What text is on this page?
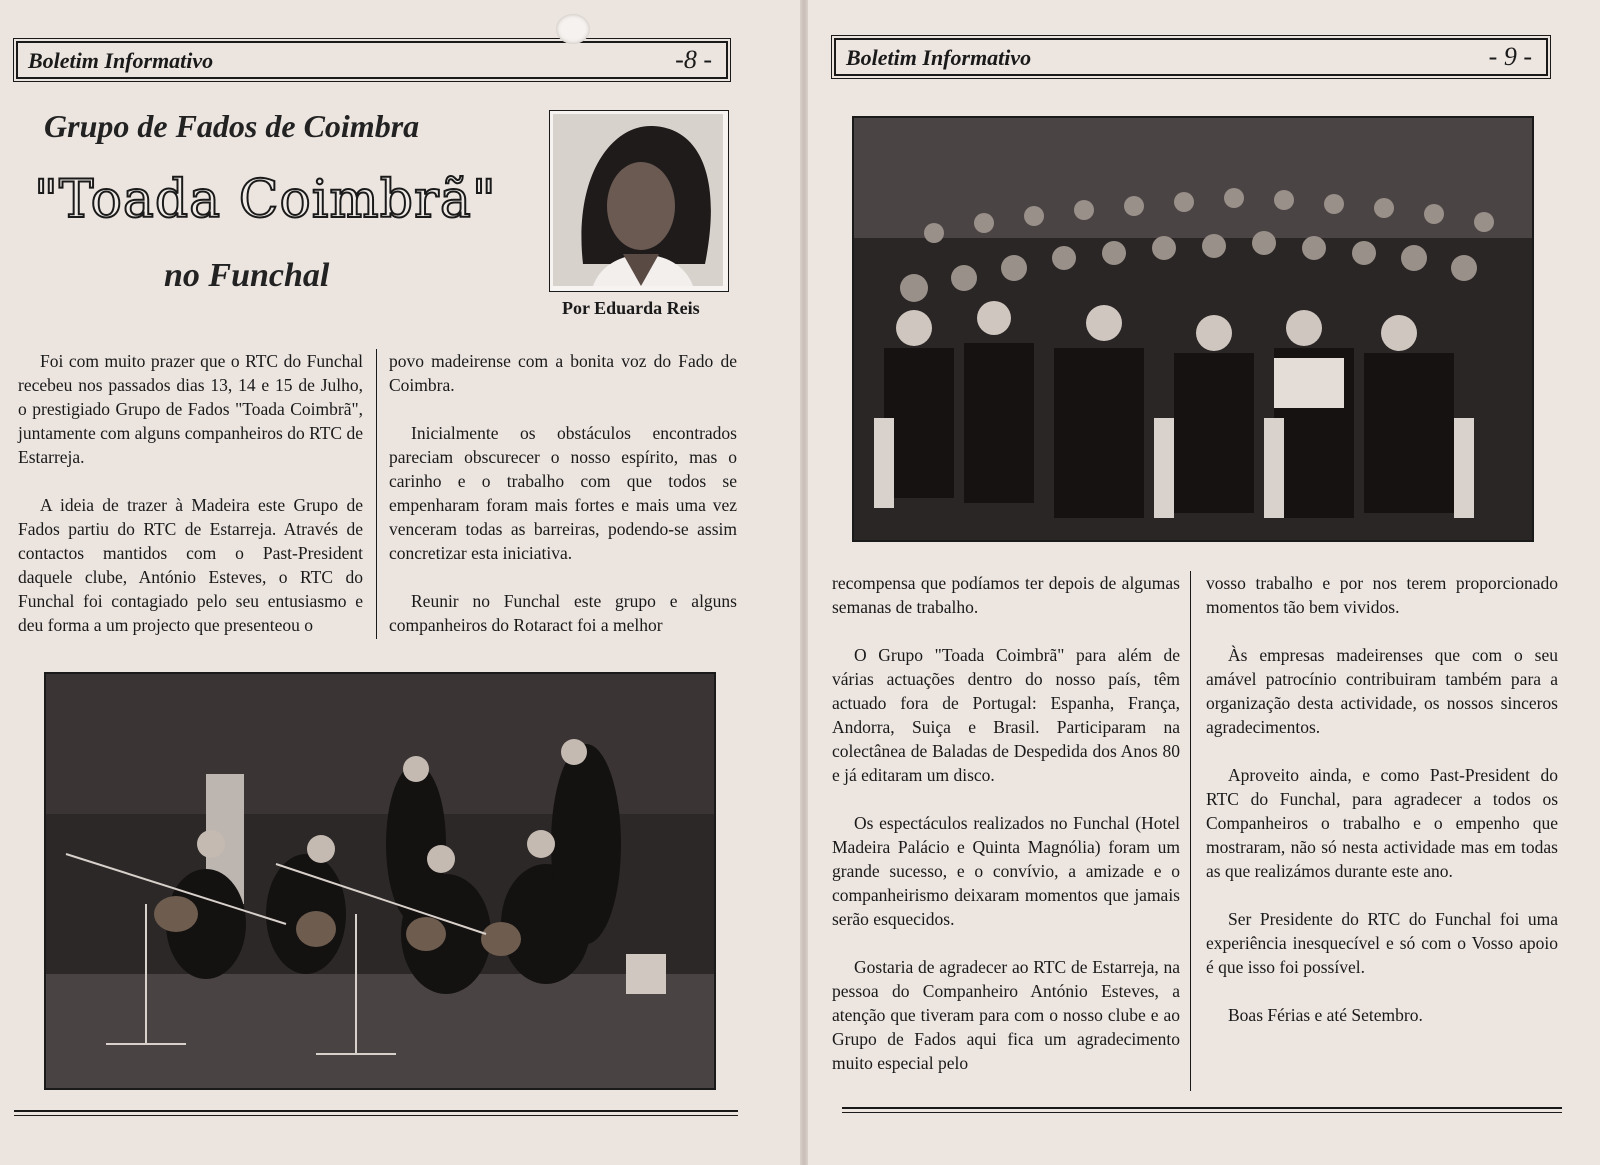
Boletim Informativo	-8 -
Grupo de Fados de Coimbra
"Toada Coimbrã"
no Funchal
Por Eduarda Reis

Foi com muito prazer que o RTC do Funchal recebeu nos passados dias 13, 14 e 15 de Julho, o prestigiado Grupo de Fados "Toada Coimbrã", juntamente com alguns companheiros do RTC de Estarreja.

A ideia de trazer à Madeira este Grupo de Fados partiu do RTC de Estarreja. Através de contactos mantidos com o Past-President daquele clube, António Esteves, o RTC do Funchal foi contagiado pelo seu entusiasmo e deu forma a um projecto que presenteou o

povo madeirense com a bonita voz do Fado de Coimbra.

Inicialmente os obstáculos encontrados pareciam obscurecer o nosso espírito, mas o carinho e o trabalho com que todos se empenharam foram mais fortes e mais uma vez venceram todas as barreiras, podendo-se assim concretizar esta iniciativa.

Reunir no Funchal este grupo e alguns companheiros do Rotaract foi a melhor

Boletim Informativo	- 9 -

recompensa que podíamos ter depois de algumas semanas de trabalho.

O Grupo "Toada Coimbrã" para além de várias actuações dentro do nosso país, têm actuado fora de Portugal: Espanha, França, Andorra, Suiça e Brasil. Participaram na colectânea de Baladas de Despedida dos Anos 80 e já editaram um disco.

Os espectáculos realizados no Funchal (Hotel Madeira Palácio e Quinta Magnólia) foram um grande sucesso, e o convívio, a amizade e o companheirismo deixaram momentos que jamais serão esquecidos.

Gostaria de agradecer ao RTC de Estarreja, na pessoa do Companheiro António Esteves, a atenção que tiveram para com o nosso clube e ao Grupo de Fados aqui fica um agradecimento muito especial pelo

vosso trabalho e por nos terem proporcionado momentos tão bem vividos.

Às empresas madeirenses que com o seu amável patrocínio contribuiram também para a organização desta actividade, os nossos sinceros agradecimentos.

Aproveito ainda, e como Past-President do RTC do Funchal, para agradecer a todos os Companheiros o trabalho e o empenho que mostraram, não só nesta actividade mas em todas as que realizámos durante este ano.

Ser Presidente do RTC do Funchal foi uma experiência inesquecível e só com o Vosso apoio é que isso foi possível.

Boas Férias e até Setembro.
